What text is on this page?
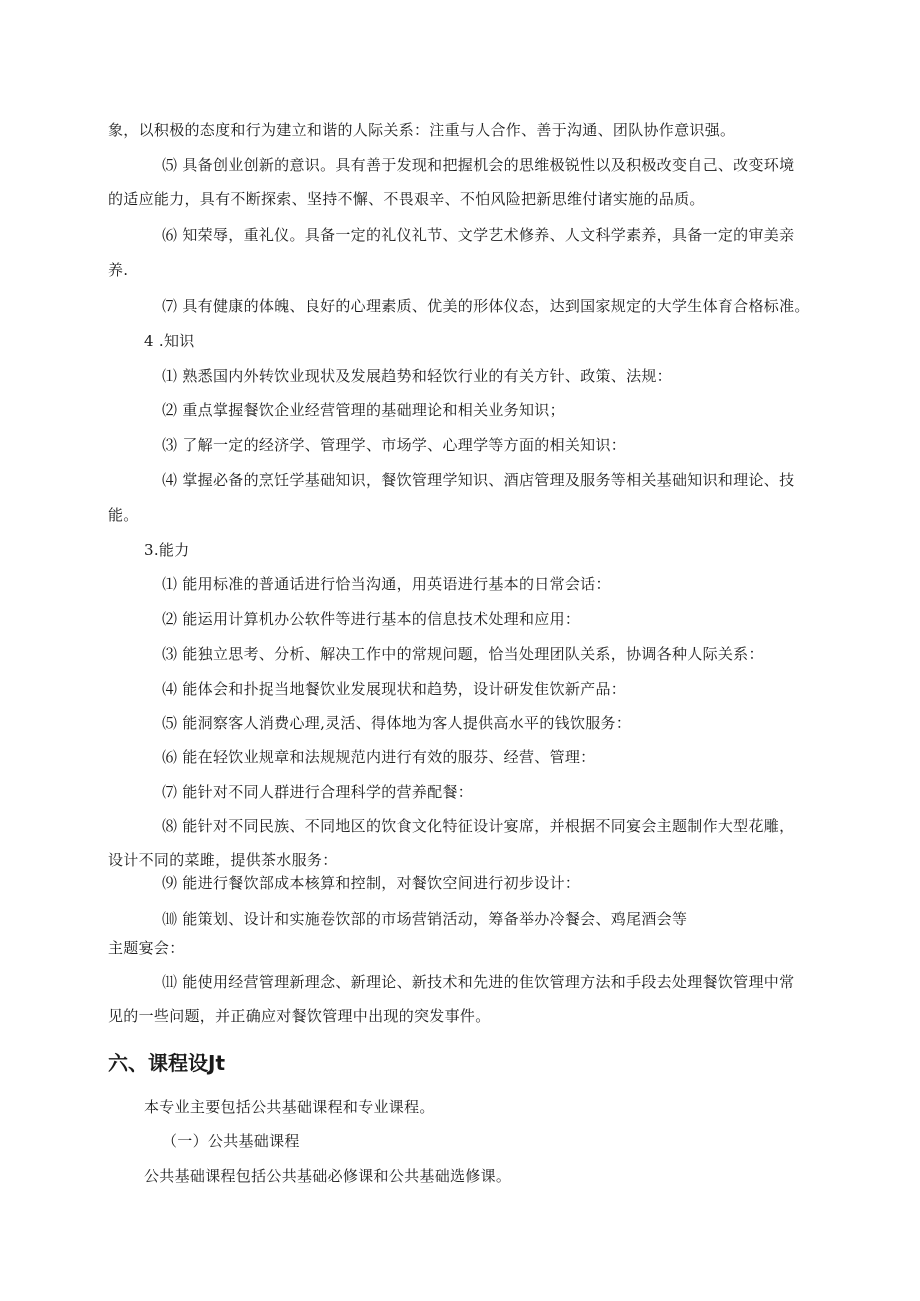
象，以积极的态度和行为建立和谐的人际关系：注重与人合作、善于沟通、团队协作意识强。
⑸ 具备创业创新的意识。具有善于发现和把握机会的思维极锐性以及积极改变自己、改变环境
的适应能力，具有不断探索、坚持不懈、不畏艰辛、不怕风险把新思维付诸实施的品质。
⑹ 知荣辱，重礼仪。具备一定的礼仪礼节、文学艺术修养、人文科学素养，具备一定的审美亲
养.
⑺ 具有健康的体魄、良好的心理素质、优美的形体仪态，达到国家规定的大学生体育合格标准。
4 .知识
⑴ 熟悉国内外转饮业现状及发展趋势和轻饮行业的有关方针、政策、法规：
⑵ 重点掌握餐饮企业经营管理的基础理论和相关业务知识；
⑶ 了解一定的经济学、管理学、市场学、心理学等方面的相关知识：
⑷ 掌握必备的烹饪学基础知识，餐饮管理学知识、酒店管理及服务等相关基础知识和理论、技
能。
3.能力
⑴ 能用标准的普通话进行恰当沟通，用英语进行基本的日常会话：
⑵ 能运用计算机办公软件等进行基本的信息技术处理和应用：
⑶ 能独立思考、分析、解决工作中的常规问题，恰当处理团队关系，协调各种人际关系：
⑷ 能体会和扑捉当地餐饮业发展现状和趋势，设计研发隹饮新产品：
⑸ 能洞察客人消费心理,灵活、得体地为客人提供高水平的钱饮服务：
⑹ 能在轻饮业规章和法规规范内进行有效的服芬、经营、管理：
⑺ 能针对不同人群进行合理科学的营养配餐：
⑻ 能针对不同民族、不同地区的饮食文化特征设计宴席，并根据不同宴会主题制作大型花雕，
设计不同的菜雎，提供茶水服务：
⑼ 能进行餐饮部成本核算和控制，对餐饮空间进行初步设计：
⑽ 能策划、设计和实施卷饮部的市场营销活动，筹备举办冷餐会、鸡尾酒会等
主题宴会：
⑾ 能使用经营管理新理念、新理论、新技术和先进的隹饮管理方法和手段去处理餐饮管理中常
见的一些问题，并正确应对餐饮管理中出现的突发事件。
六、课程设Jt
本专业主要包括公共基础课程和专业课程。
（一）公共基础课程
公共基础课程包括公共基础必修课和公共基础选修课。
